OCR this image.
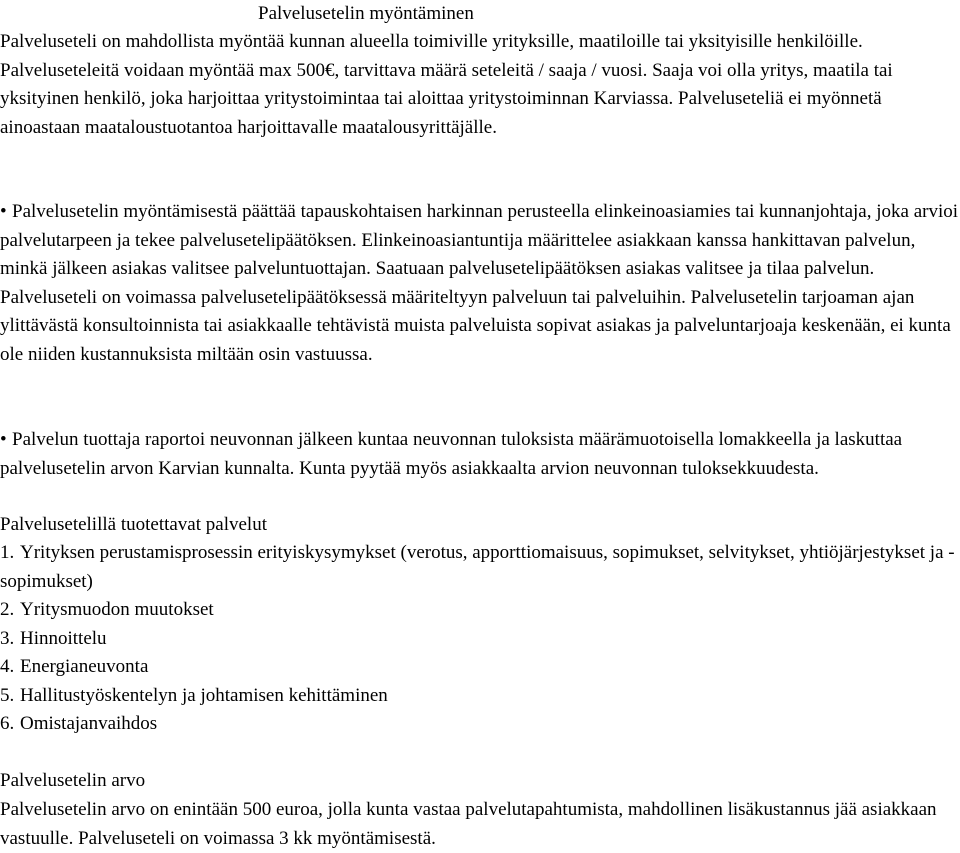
Palvelusetelin myöntäminen

Palveluseteli on mahdollista myöntää kunnan alueella toimiville yrityksille, maatiloille tai yksityisille henkilöille. Palveluseteleitä voidaan myöntää max 500€, tarvittava määrä seteleitä / saaja / vuosi. Saaja voi olla yritys, maatila tai yksityinen henkilö, joka harjoittaa yritystoimintaa tai aloittaa yritystoiminnan Karviassa. Palveluseteliä ei myönnetä ainoastaan maataloustuotantoa harjoittavalle maatalousyrittäjälle.

• Palvelusetelin myöntämisestä päättää tapauskohtaisen harkinnan perusteella elinkeinoasiamies tai kunnanjohtaja, joka arvioi palvelutarpeen ja tekee palvelusetelipäätöksen. Elinkeinoasiantuntija määrittelee asiakkaan kanssa hankittavan palvelun, minkä jälkeen asiakas valitsee palveluntuottajan. Saatuaan palvelusetelipäätöksen asiakas valitsee ja tilaa palvelun. Palveluseteli on voimassa palvelusetelipäätöksessä määriteltyyn palveluun tai palveluihin. Palvelusetelin tarjoaman ajan ylittävästä konsultoinnista tai asiakkaalle tehtävistä muista palveluista sopivat asiakas ja palveluntarjoaja keskenään, ei kunta ole niiden kustannuksista miltään osin vastuussa.

• Palvelun tuottaja raportoi neuvonnan jälkeen kuntaa neuvonnan tuloksista määrämuotoisella lomakkeella ja laskuttaa palvelusetelin arvon Karvian kunnalta. Kunta pyytää myös asiakkaalta arvion neuvonnan tuloksekkuudesta.

Palvelusetelillä tuotettavat palvelut
1. Yrityksen perustamisprosessin erityiskysymykset (verotus, apporttiomaisuus, sopimukset, selvitykset, yhtiöjärjestykset ja -sopimukset)
2. Yritysmuodon muutokset
3. Hinnoittelu
4. Energianeuvonta
5. Hallitustyöskentelyn ja johtamisen kehittäminen
6. Omistajanvaihdos
Palvelusetelin arvo

Palvelusetelin arvo on enintään 500 euroa, jolla kunta vastaa palvelutapahtumista, mahdollinen lisäkustannus jää asiakkaan vastuulle. Palveluseteli on voimassa 3 kk myöntämisestä.
